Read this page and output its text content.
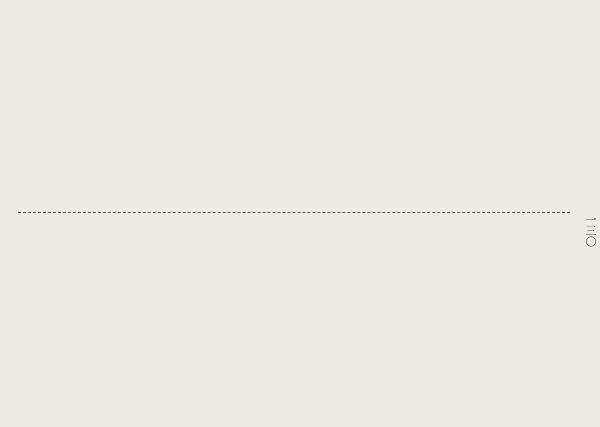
一三〇
